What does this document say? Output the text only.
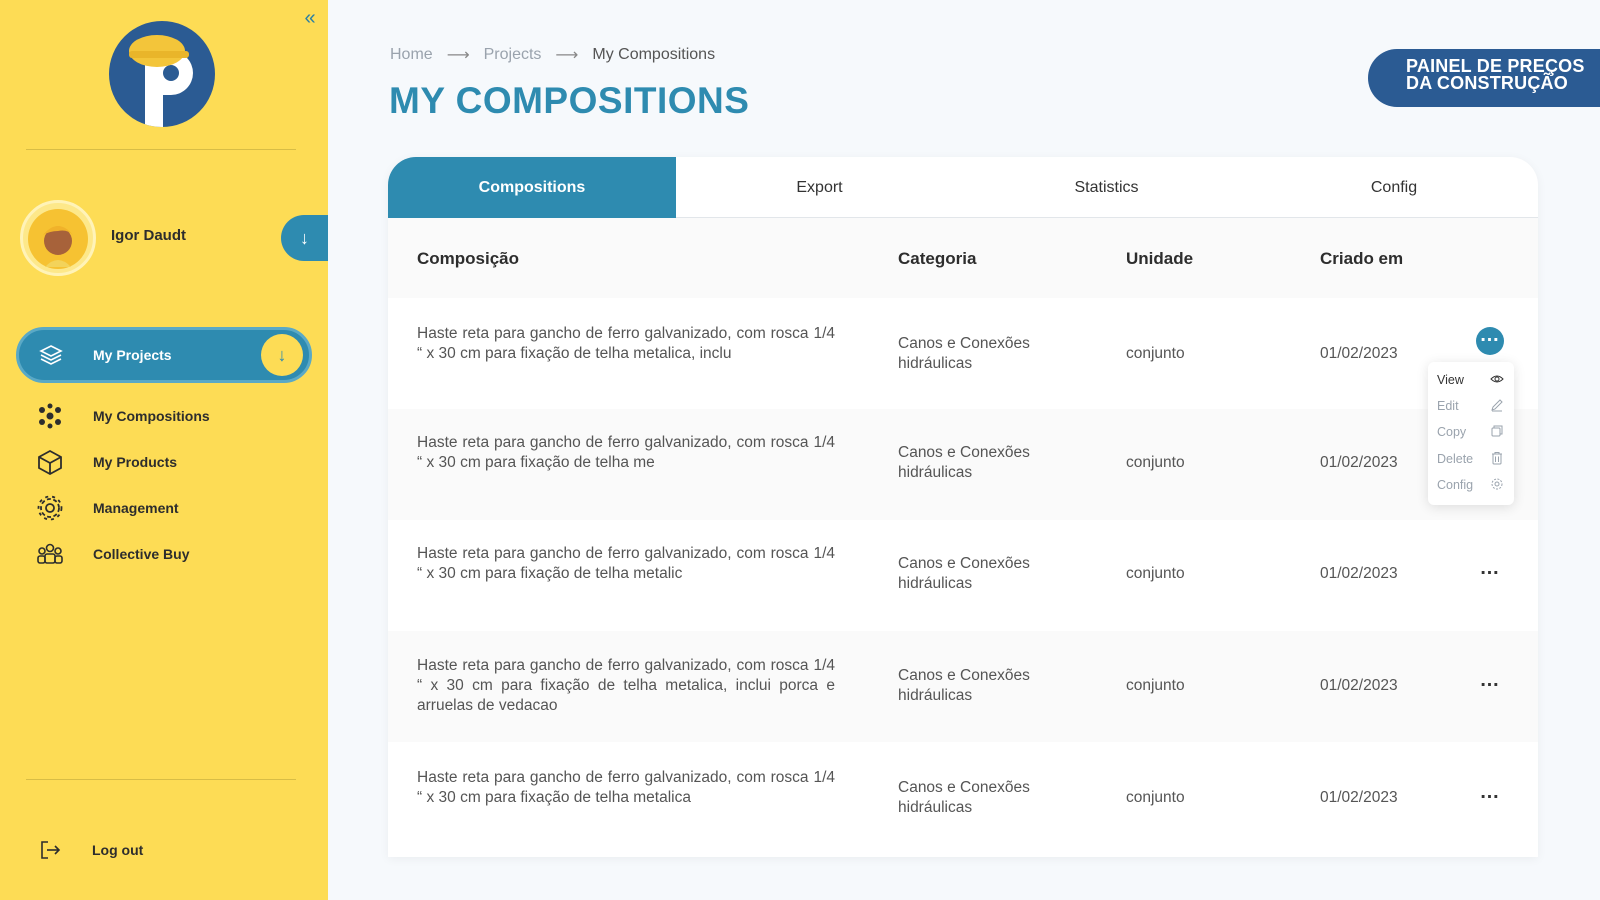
«
Igor Daudt	↓
My Projects	↓
My Compositions
My Products
Management
Collective Buy
Log out
Home ⟶ Projects ⟶ My Compositions
MY COMPOSITIONS
PAINEL DE PREÇOS
DA CONSTRUÇÃO
Compositions	Export	Statistics	Config
Composição	Categoria	Unidade	Criado em
Haste reta para gancho de ferro galvanizado, com rosca 1/4 “ x 30 cm para fixação de telha metalica, inclu
Canos e Conexões
hidráulicas
conjunto	01/02/2023
…
Haste reta para gancho de ferro galvanizado, com rosca 1/4 “ x 30 cm para fixação de telha me
Canos e Conexões
hidráulicas
conjunto	01/02/2023
Haste reta para gancho de ferro galvanizado, com rosca 1/4 “ x 30 cm para fixação de telha metalic
Canos e Conexões
hidráulicas
conjunto	01/02/2023	…
Haste reta para gancho de ferro galvanizado, com rosca 1/4 “ x 30 cm para fixação de telha metalica, inclui porca e arruelas de vedacao
Canos e Conexões
hidráulicas
conjunto	01/02/2023	…
Haste reta para gancho de ferro galvanizado, com rosca 1/4 “ x 30 cm para fixação de telha metalica
Canos e Conexões
hidráulicas
conjunto	01/02/2023	…
View
Edit
Copy
Delete
Config
